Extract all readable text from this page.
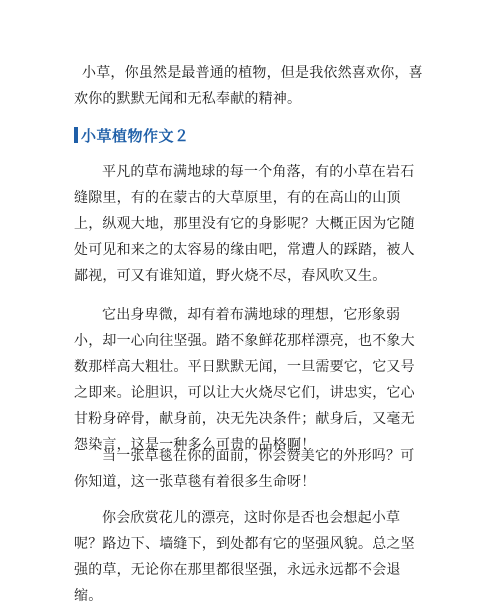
小草，你虽然是最普通的植物，但是我依然喜欢你，喜欢你的默默无闻和无私奉献的精神。

小草植物作文２

平凡的草布满地球的每一个角落，有的小草在岩石缝隙里，有的在蒙古的大草原里，有的在高山的山顶上，纵观大地，那里没有它的身影呢？大概正因为它随处可见和来之的太容易的缘由吧，常遭人的踩踏，被人鄙视，可又有谁知道，野火烧不尽，春风吹又生。

它出身卑微，却有着布满地球的理想，它形象弱小，却一心向往坚强。踏不象鲜花那样漂亮，也不象大数那样高大粗壮。平日默默无闻，一旦需要它，它又号之即来。论胆识，可以让大火烧尽它们，讲忠实，它心甘粉身碎骨，献身前，决无先决条件；献身后，又毫无怨染言，这是一种多么可贵的品格啊！

当一张草毯在你的面前，你会赞美它的外形吗？可你知道，这一张草毯有着很多生命呀！

你会欣赏花儿的漂亮，这时你是否也会想起小草呢？路边下、墙缝下，到处都有它的坚强风貌。总之坚强的草，无论你在那里都很坚强，永远永远都不会退缩。
